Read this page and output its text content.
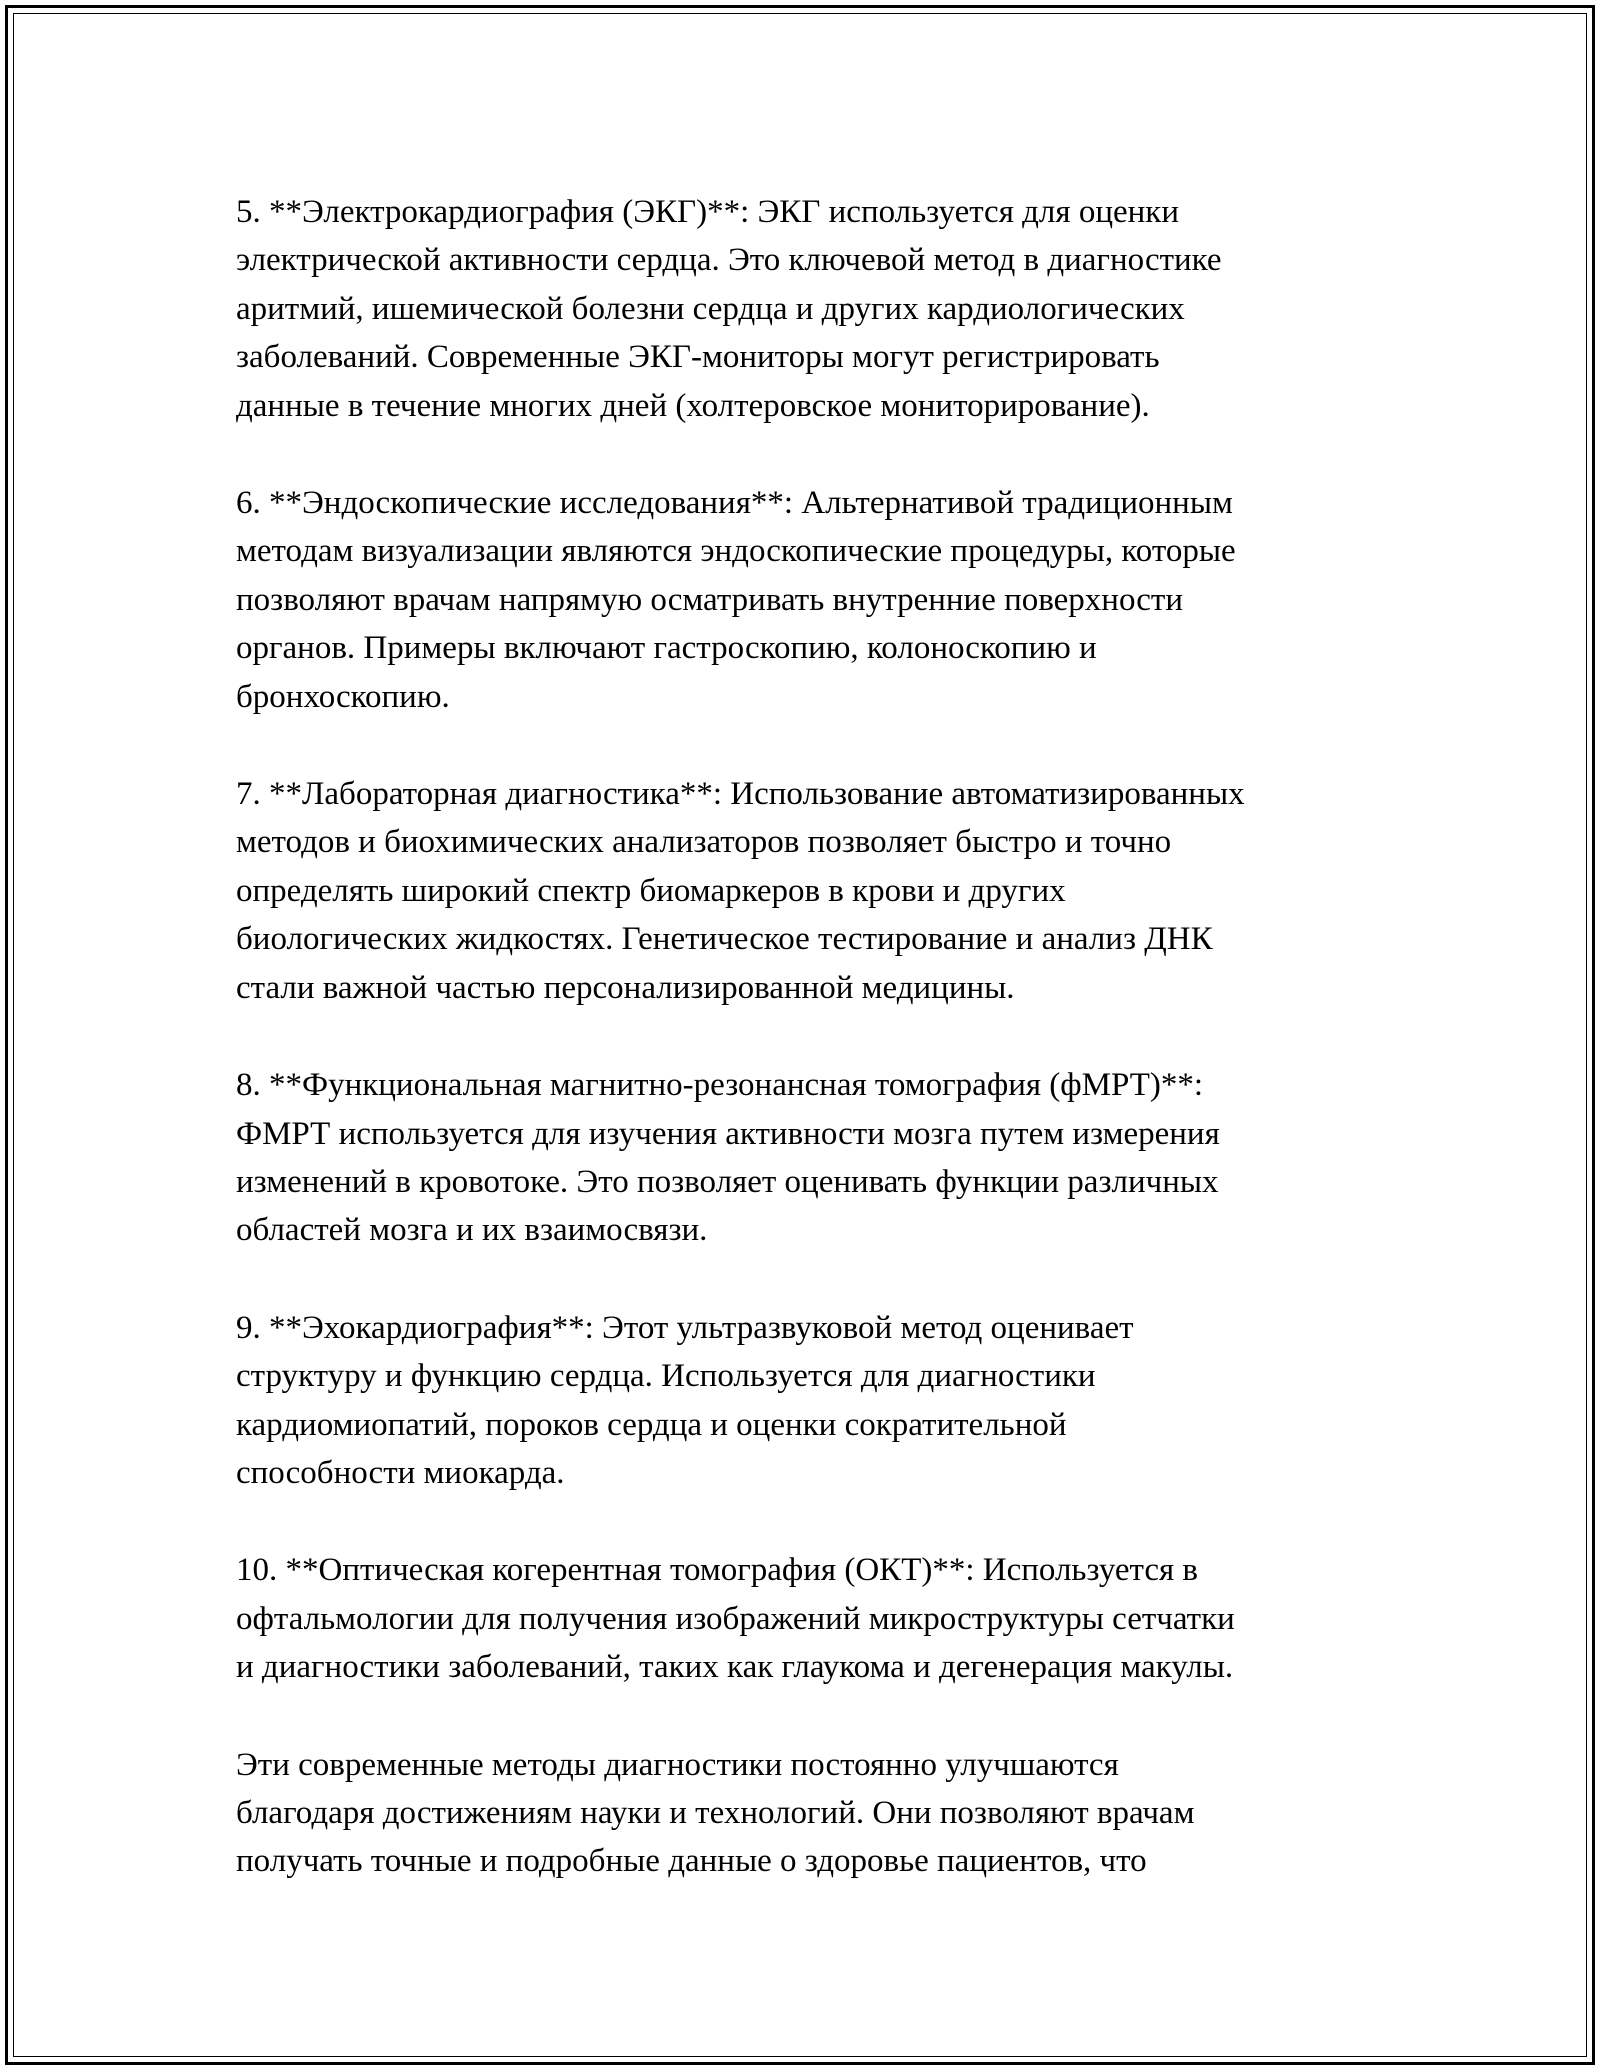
5. **Электрокардиография (ЭКГ)**: ЭКГ используется для оценки
электрической активности сердца. Это ключевой метод в диагностике
аритмий, ишемической болезни сердца и других кардиологических
заболеваний. Современные ЭКГ-мониторы могут регистрировать
данные в течение многих дней (холтеровское мониторирование).

6. **Эндоскопические исследования**: Альтернативой традиционным
методам визуализации являются эндоскопические процедуры, которые
позволяют врачам напрямую осматривать внутренние поверхности
органов. Примеры включают гастроскопию, колоноскопию и
бронхоскопию.

7. **Лабораторная диагностика**: Использование автоматизированных
методов и биохимических анализаторов позволяет быстро и точно
определять широкий спектр биомаркеров в крови и других
биологических жидкостях. Генетическое тестирование и анализ ДНК
стали важной частью персонализированной медицины.

8. **Функциональная магнитно-резонансная томография (фМРТ)**:
ФМРТ используется для изучения активности мозга путем измерения
изменений в кровотоке. Это позволяет оценивать функции различных
областей мозга и их взаимосвязи.

9. **Эхокардиография**: Этот ультразвуковой метод оценивает
структуру и функцию сердца. Используется для диагностики
кардиомиопатий, пороков сердца и оценки сократительной
способности миокарда.

10. **Оптическая когерентная томография (ОКТ)**: Используется в
офтальмологии для получения изображений микроструктуры сетчатки
и диагностики заболеваний, таких как глаукома и дегенерация макулы.

Эти современные методы диагностики постоянно улучшаются
благодаря достижениям науки и технологий. Они позволяют врачам
получать точные и подробные данные о здоровье пациентов, что
